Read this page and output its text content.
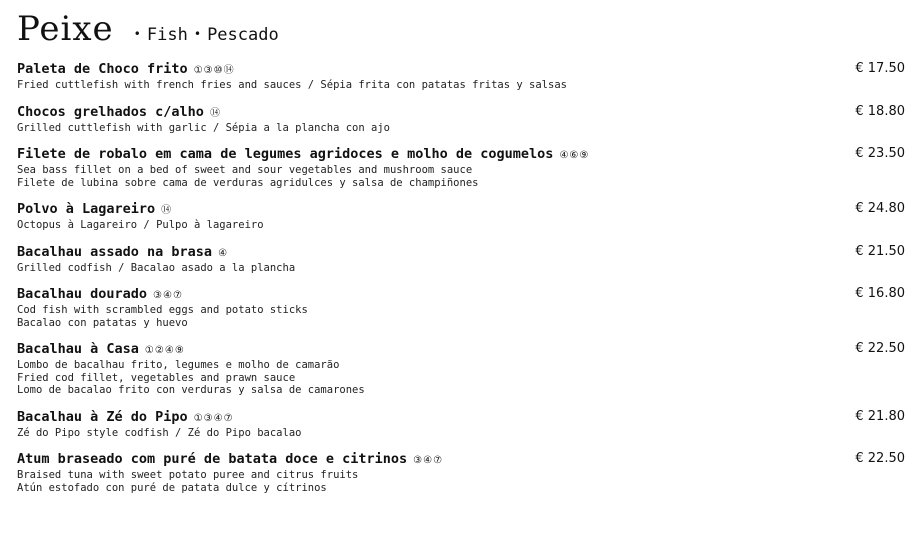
Peixe	• Fish • Pescado
Paleta de Choco frito ①③⑩⑭
Fried cuttlefish with french fries and sauces / Sépia frita con patatas fritas y salsas
€ 17.50
Chocos grelhados c/alho ⑭
Grilled cuttlefish with garlic / Sépia a la plancha con ajo
€ 18.80
Filete de robalo em cama de legumes agridoces e molho de cogumelos ④⑥⑨
Sea bass fillet on a bed of sweet and sour vegetables and mushroom sauce
Filete de lubina sobre cama de verduras agridulces y salsa de champiñones
€ 23.50
Polvo à Lagareiro ⑭
Octopus à Lagareiro / Pulpo à lagareiro
€ 24.80
Bacalhau assado na brasa ④
Grilled codfish / Bacalao asado a la plancha
€ 21.50
Bacalhau dourado ③④⑦
Cod fish with scrambled eggs and potato sticks
Bacalao con patatas y huevo
€ 16.80
Bacalhau à Casa ①②④⑨
Lombo de bacalhau frito, legumes e molho de camarão
Fried cod fillet, vegetables and prawn sauce
Lomo de bacalao frito con verduras y salsa de camarones
€ 22.50
Bacalhau à Zé do Pipo ①③④⑦
Zé do Pipo style codfish / Zé do Pipo bacalao
€ 21.80
Atum braseado com puré de batata doce e citrinos ③④⑦
Braised tuna with sweet potato puree and citrus fruits
Atún estofado con puré de patata dulce y cítrinos
€ 22.50
